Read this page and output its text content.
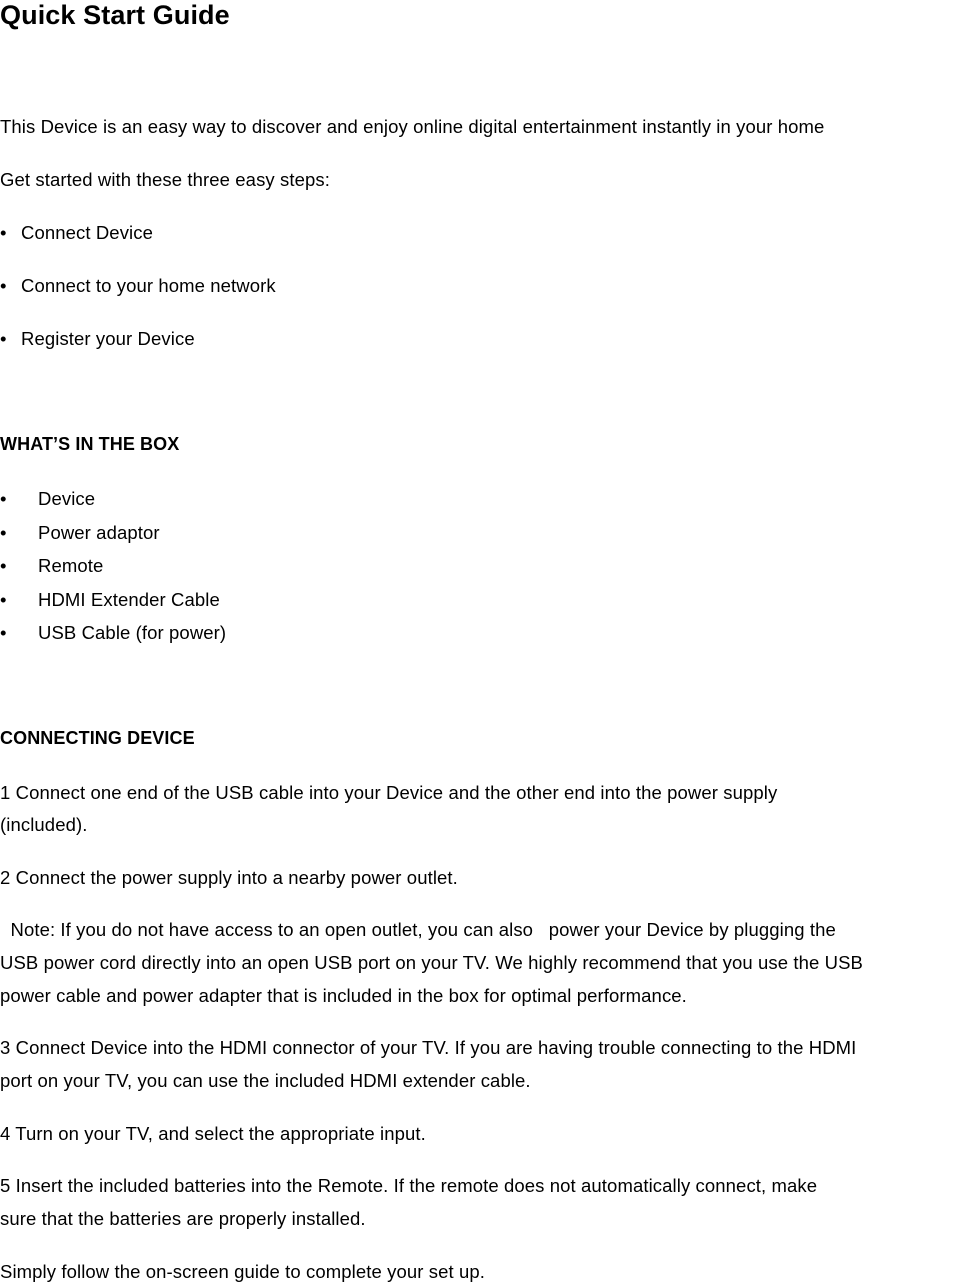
Quick Start Guide
This Device is an easy way to discover and enjoy online digital entertainment instantly in your home
Get started with these three easy steps:
• Connect Device
• Connect to your home network
• Register your Device
WHAT’S IN THE BOX
•	Device
•	Power adaptor
•	Remote
•	HDMI Extender Cable
•	USB Cable (for power)
CONNECTING DEVICE
1 Connect one end of the USB cable into your Device and the other end into the power supply
(included).
2 Connect the power supply into a nearby power outlet.
Note: If you do not have access to an open outlet, you can also   power your Device by plugging the
USB power cord directly into an open USB port on your TV. We highly recommend that you use the USB
power cable and power adapter that is included in the box for optimal performance.
3 Connect Device into the HDMI connector of your TV. If you are having trouble connecting to the HDMI
port on your TV, you can use the included HDMI extender cable.
4 Turn on your TV, and select the appropriate input.
5 Insert the included batteries into the Remote. If the remote does not automatically connect, make
sure that the batteries are properly installed.
Simply follow the on-screen guide to complete your set up.
